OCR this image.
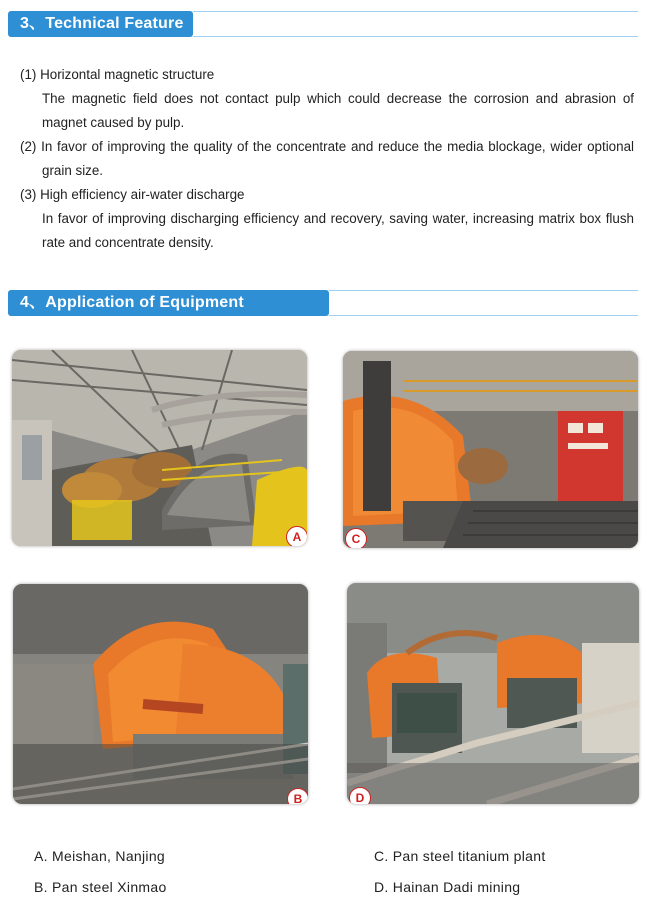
3、Technical Feature
(1) Horizontal magnetic structure
The magnetic field does not contact pulp which could decrease the corrosion and abrasion of magnet caused by pulp.
(2) In favor of improving the quality of the concentrate and reduce the media blockage, wider optional grain size.
(3) High efficiency air-water discharge
In favor of improving discharging efficiency and recovery, saving water, increasing matrix box flush rate and concentrate density.
4、Application of Equipment
A	C
B	D
A. Meishan, Nanjing
B. Pan steel Xinmao
C. Pan steel titanium plant
D. Hainan Dadi mining
